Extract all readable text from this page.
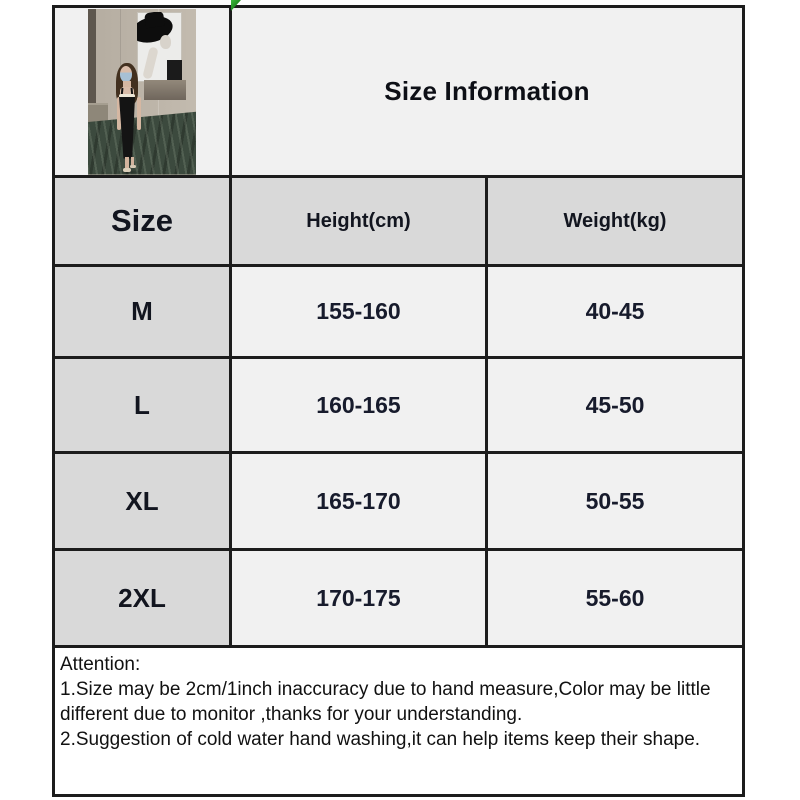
Size Information
Size	Height(cm)	Weight(kg)
M	155-160	40-45
L	160-165	45-50
XL	165-170	50-55
2XL	170-175	55-60
Attention:
1.Size may be 2cm/1inch inaccuracy due to hand measure,Color may be little
different due to monitor ,thanks for your understanding.
2.Suggestion of cold water hand washing,it can help items keep their shape.
